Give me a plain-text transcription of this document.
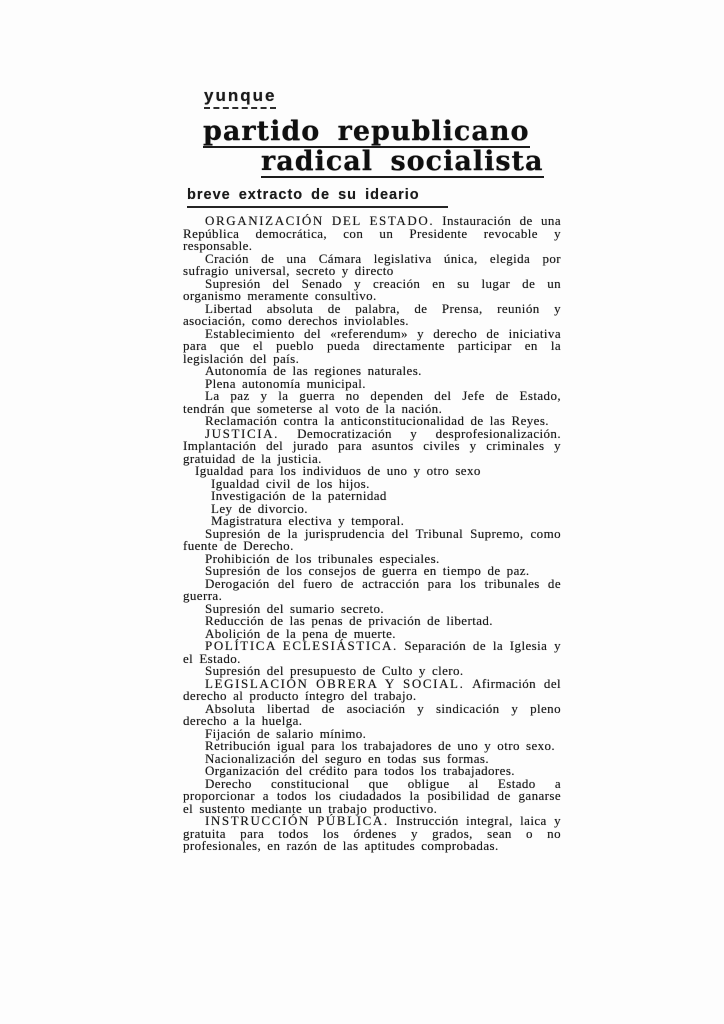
yunque
partido republicano
radical socialista
breve extracto de su ideario

ORGANIZACIÓN DEL ESTADO. Instauración de una República democrática, con un Presidente revocable y responsable.

Cración de una Cámara legislativa única, elegida por sufragio universal, secreto y directo

Supresión del Senado y creación en su lugar de un organismo meramente consultivo.

Libertad absoluta de palabra, de Prensa, reunión y asociación, como derechos inviolables.

Establecimiento del «referendum» y derecho de iniciativa para que el pueblo pueda directamente participar en la legislación del país.

Autonomía de las regiones naturales.

Plena autonomía municipal.

La paz y la guerra no dependen del Jefe de Estado, tendrán que someterse al voto de la nación.

Reclamación contra la anticonstitucionalidad de las Reyes.

JUSTICIA. Democratización y desprofesionalización. Implantación del jurado para asuntos civiles y criminales y gratuidad de la justicia.

Igualdad para los individuos de uno y otro sexo

Igualdad civil de los hijos.

Investigación de la paternidad

Ley de divorcio.

Magistratura electiva y temporal.

Supresión de la jurisprudencia del Tribunal Supremo, como fuente de Derecho.

Prohibición de los tribunales especiales.

Supresión de los consejos de guerra en tiempo de paz.

Derogación del fuero de actracción para los tribunales de guerra.

Supresión del sumario secreto.

Reducción de las penas de privación de libertad.

Abolición de la pena de muerte.

POLÍTICA ECLESIÁSTICA. Separación de la Iglesia y el Estado.

Supresión del presupuesto de Culto y clero.

LEGISLACIÓN OBRERA Y SOCIAL. Afirmación del derecho al producto íntegro del trabajo.

Absoluta libertad de asociación y sindicación y pleno derecho a la huelga.

Fijación de salario mínimo.

Retribución igual para los trabajadores de uno y otro sexo.

Nacionalización del seguro en todas sus formas.

Organización del crédito para todos los trabajadores.

Derecho constitucional que obligue al Estado a proporcionar a todos los ciudadados la posibilidad de ganarse el sustento mediante un trabajo productivo.

INSTRUCCIÓN PÚBLICA. Instrucción integral, laica y gratuita para todos los órdenes y grados, sean o no profesionales, en razón de las aptitudes comprobadas.
